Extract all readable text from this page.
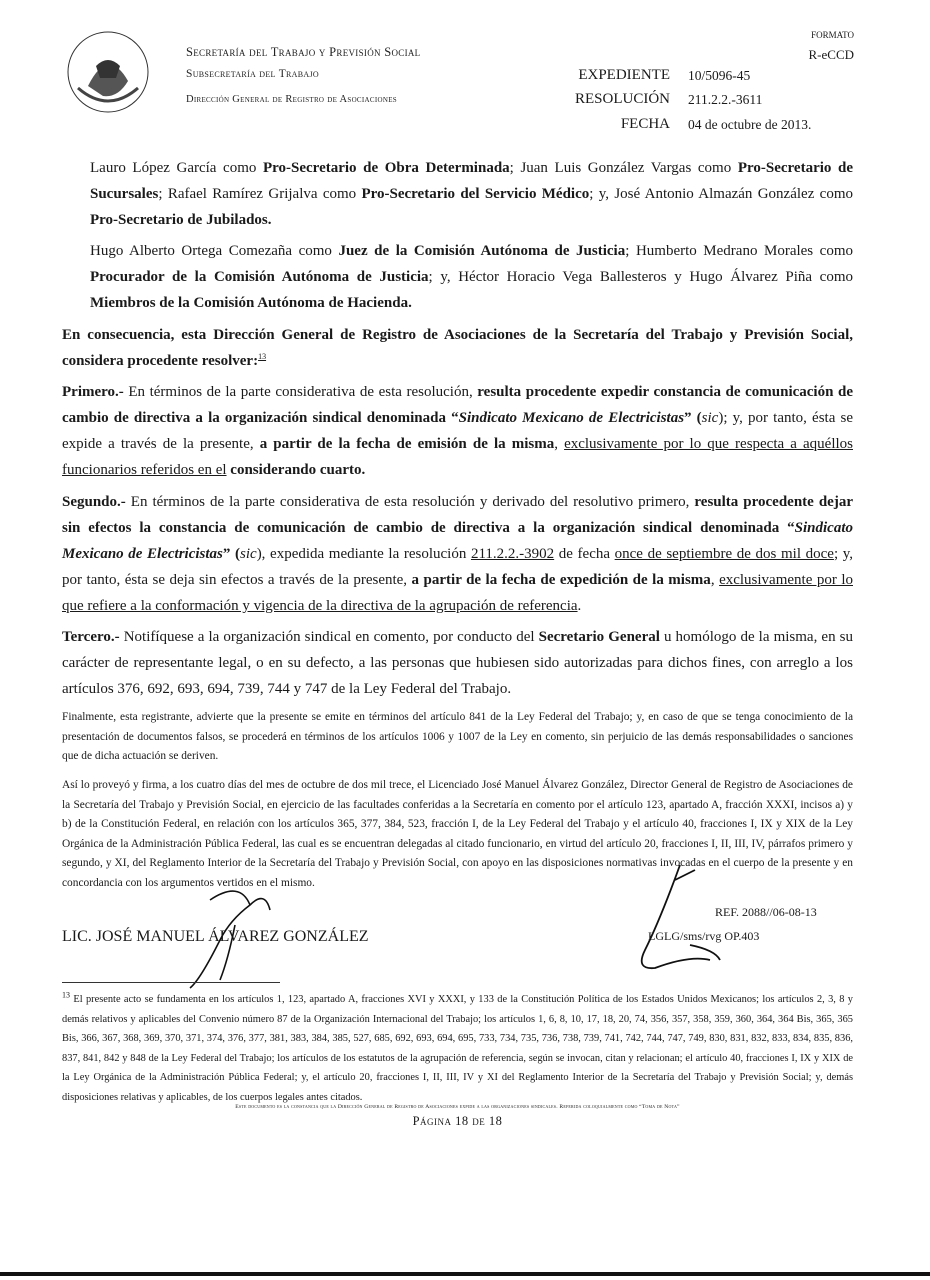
Secretaría del Trabajo y Previsión Social
Subsecretaría del Trabajo
Dirección General de Registro de Asociaciones
FORMATO
R-eCCD
EXPEDIENTE 10/5096-45
RESOLUCIÓN 211.2.2.-3611
FECHA 04 de octubre de 2013.
Lauro López García como Pro-Secretario de Obra Determinada; Juan Luis González Vargas como Pro-Secretario de Sucursales; Rafael Ramírez Grijalva como Pro-Secretario del Servicio Médico; y, José Antonio Almazán González como Pro-Secretario de Jubilados.
Hugo Alberto Ortega Comezaña como Juez de la Comisión Autónoma de Justicia; Humberto Medrano Morales como Procurador de la Comisión Autónoma de Justicia; y, Héctor Horacio Vega Ballesteros y Hugo Álvarez Piña como Miembros de la Comisión Autónoma de Hacienda.
En consecuencia, esta Dirección General de Registro de Asociaciones de la Secretaría del Trabajo y Previsión Social, considera procedente resolver:$^{13}$
Primero.- En términos de la parte considerativa de esta resolución, resulta procedente expedir constancia de comunicación de cambio de directiva a la organización sindical denominada “Sindicato Mexicano de Electricistas” (sic); y, por tanto, ésta se expide a través de la presente, a partir de la fecha de emisión de la misma, exclusivamente por lo que respecta a aquéllos funcionarios referidos en el considerando cuarto.
Segundo.- En términos de la parte considerativa de esta resolución y derivado del resolutivo primero, resulta procedente dejar sin efectos la constancia de comunicación de cambio de directiva a la organización sindical denominada “Sindicato Mexicano de Electricistas” (sic), expedida mediante la resolución 211.2.2.-3902 de fecha once de septiembre de dos mil doce; y, por tanto, ésta se deja sin efectos a través de la presente, a partir de la fecha de expedición de la misma, exclusivamente por lo que refiere a la conformación y vigencia de la directiva de la agrupación de referencia.
Tercero.- Notifíquese a la organización sindical en comento, por conducto del Secretario General u homólogo de la misma, en su carácter de representante legal, o en su defecto, a las personas que hubiesen sido autorizadas para dichos fines, con arreglo a los artículos 376, 692, 693, 694, 739, 744 y 747 de la Ley Federal del Trabajo.
Finalmente, esta registrante, advierte que la presente se emite en términos del artículo 841 de la Ley Federal del Trabajo; y, en caso de que se tenga conocimiento de la presentación de documentos falsos, se procederá en términos de los artículos 1006 y 1007 de la Ley en comento, sin perjuicio de las demás responsabilidades o sanciones que de dicha actuación se deriven.
Así lo proveyó y firma, a los cuatro días del mes de octubre de dos mil trece, el Licenciado José Manuel Álvarez González, Director General de Registro de Asociaciones de la Secretaría del Trabajo y Previsión Social, en ejercicio de las facultades conferidas a la Secretaría en comento por el artículo 123, apartado A, fracción XXXI, incisos a) y b) de la Constitución Federal, en relación con los artículos 365, 377, 384, 523, fracción I, de la Ley Federal del Trabajo y el artículo 40, fracciones I, IX y XIX de la Ley Orgánica de la Administración Pública Federal, las cual es se encuentran delegadas al citado funcionario, en virtud del artículo 20, fracciones I, II, III, IV, párrafos primero y segundo, y XI, del Reglamento Interior de la Secretaría del Trabajo y Previsión Social, con apoyo en las disposiciones normativas invocadas en el cuerpo de la presente y en concordancia con los argumentos vertidos en el mismo.
REF. 2088//06-08-13
LGLG/sms/rvg OP.403
LIC. JOSÉ MANUEL ÁLVAREZ GONZÁLEZ
$^{13}$ El presente acto se fundamenta en los artículos 1, 123, apartado A, fracciones XVI y XXXI, y 133 de la Constitución Política de los Estados Unidos Mexicanos; los artículos 2, 3, 8 y demás relativos y aplicables del Convenio número 87 de la Organización Internacional del Trabajo; los artículos 1, 6, 8, 10, 17, 18, 20, 74, 356, 357, 358, 359, 360, 364, 364 Bis, 365, 365 Bis, 366, 367, 368, 369, 370, 371, 374, 376, 377, 381, 383, 384, 385, 527, 685, 692, 693, 694, 695, 733, 734, 735, 736, 738, 739, 741, 742, 744, 747, 749, 830, 831, 832, 833, 834, 835, 836, 837, 841, 842 y 848 de la Ley Federal del Trabajo; los artículos de los estatutos de la agrupación de referencia, según se invocan, citan y relacionan; el artículo 40, fracciones I, IX y XIX de la Ley Orgánica de la Administración Pública Federal; y, el artículo 20, fracciones I, II, III, IV y XI del Reglamento Interior de la Secretaría del Trabajo y Previsión Social; y, demás disposiciones relativas y aplicables, de los cuerpos legales antes citados.
Este documento es la constancia que la Dirección General de Registro de Asociaciones expide a las organizaciones sindicales. Referida coloquialmente como “Toma de Nota”
Página 18 de 18
